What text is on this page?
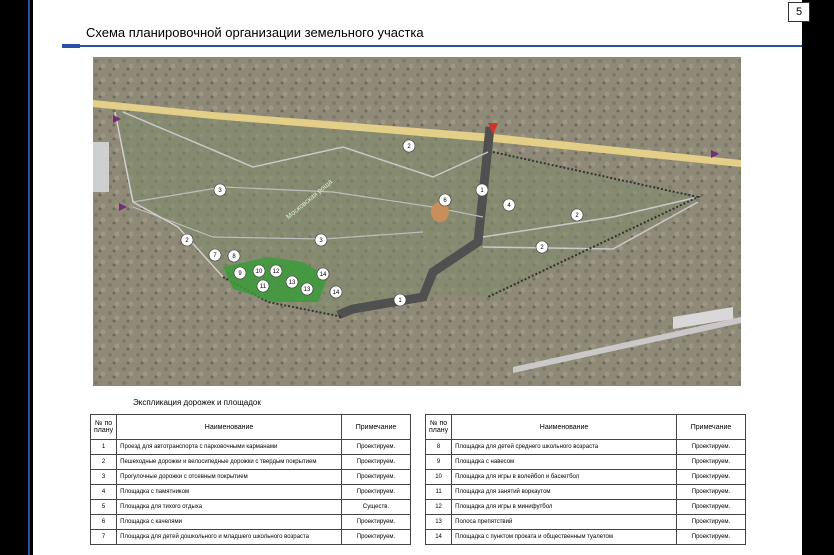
5
Схема планировочной организации земельного участка
Московская роща
2
1
3
6
4
2
2	3
2
7	8
9 10 12	14
11
13
13	14
1
Экспликация дорожек и площадок
№ по плану	Наименование	Примечание
1	Проезд для автотранспорта с парковочными карманами	Проектируем.
2	Пешеходные дорожки и велосипедные дорожки с твердым покрытием	Проектируем.
3	Прогулочные дорожки с отсевным покрытием	Проектируем.
4	Площадка с памятником	Проектируем.
5	Площадка для тихого отдыха	Существ.
6	Площадка с качелями	Проектируем.
7	Площадка для детей дошкольного и младшего школьного возраста	Проектируем.
№ по плану	Наименование	Примечание
8	Площадка для детей среднего школьного возраста	Проектируем.
9	Площадка с навесом	Проектируем.
10	Площадка для игры в волейбол и баскетбол	Проектируем.
11	Площадка для занятий воркаутом	Проектируем.
12	Площадка для игры в минифутбол	Проектируем.
13	Полоса препятствий	Проектируем.
14	Площадка с пунктом проката и общественным туалетом	Проектируем.
